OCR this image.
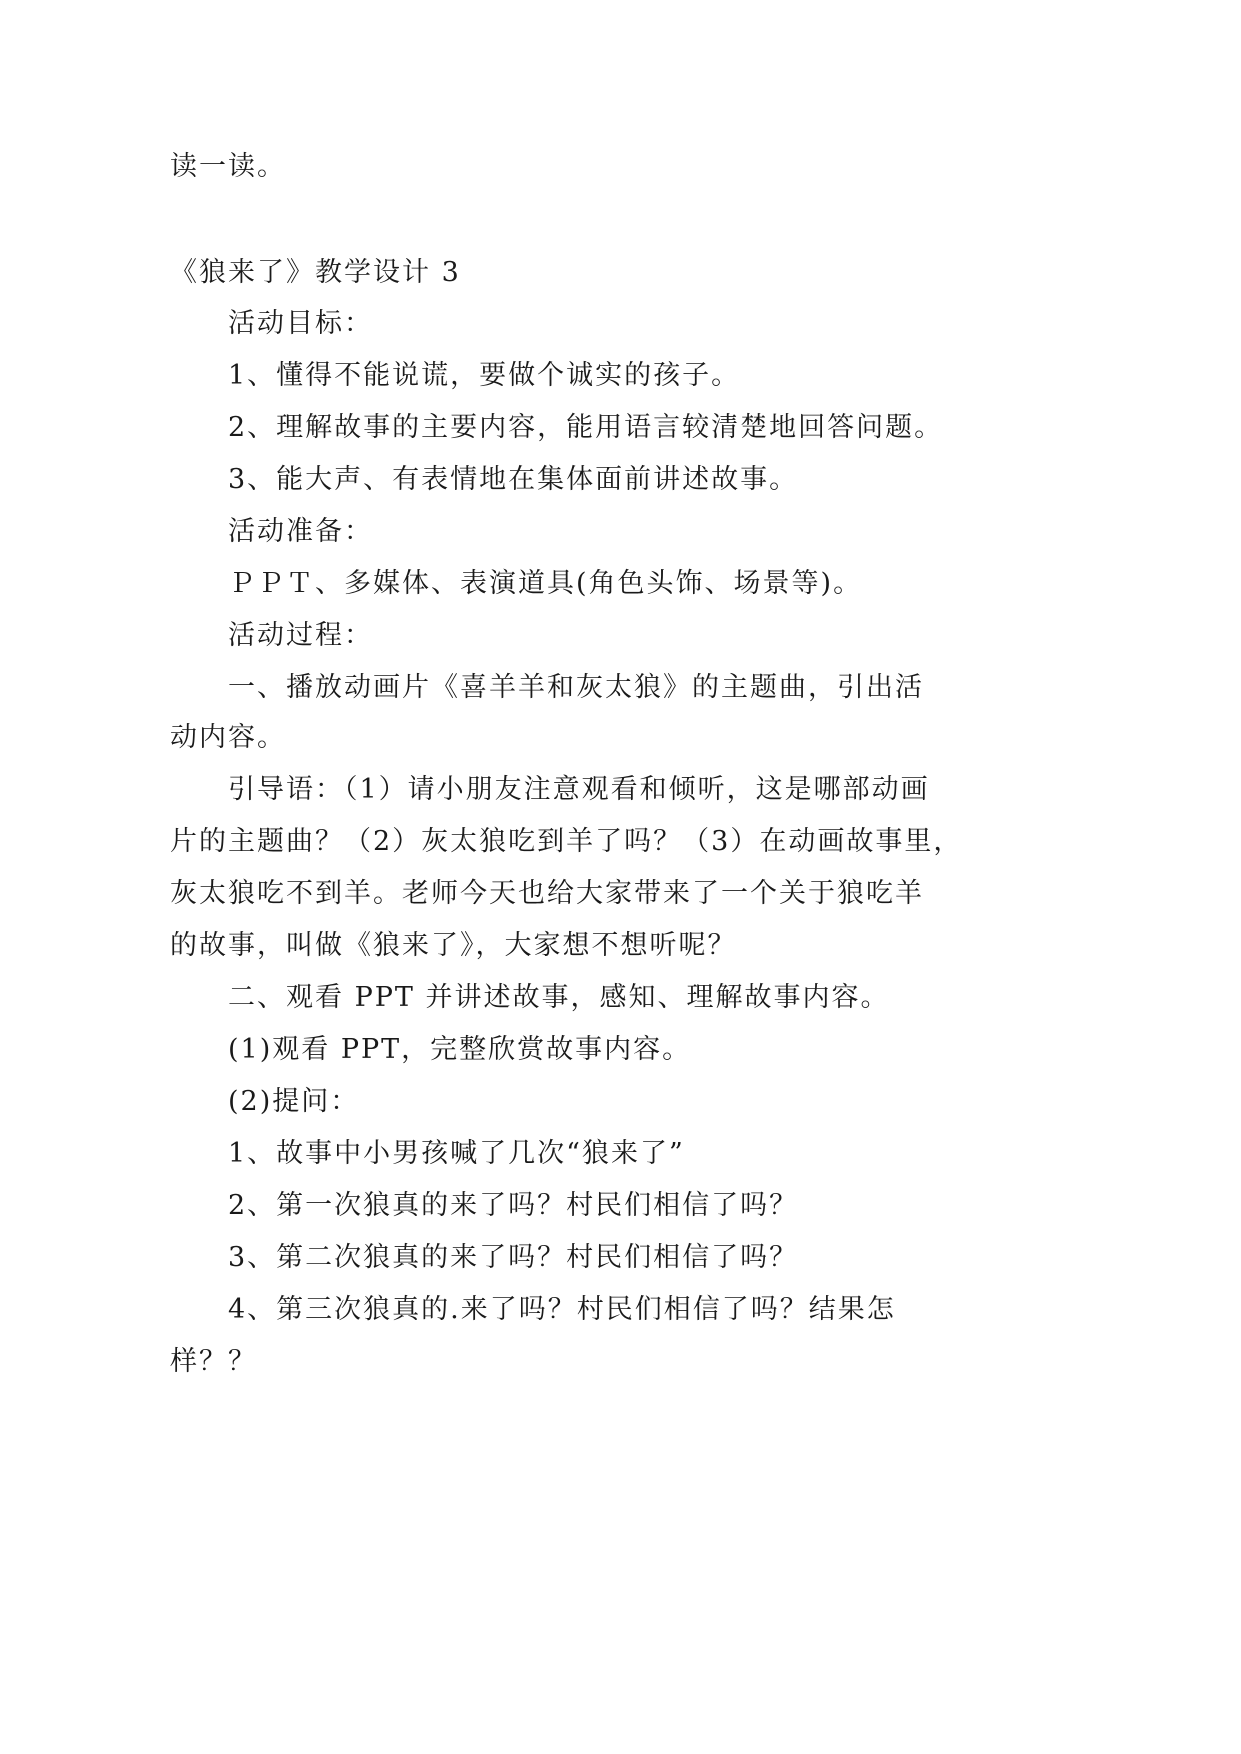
读一读。
《狼来了》教学设计 3
活动目标：
1、懂得不能说谎，要做个诚实的孩子。
2、理解故事的主要内容，能用语言较清楚地回答问题。
3、能大声、有表情地在集体面前讲述故事。
活动准备：
ＰＰＴ、多媒体、表演道具(角色头饰、场景等)。
活动过程：
一、播放动画片《喜羊羊和灰太狼》的主题曲，引出活
动内容。
引导语：（1）请小朋友注意观看和倾听，这是哪部动画
片的主题曲？（2）灰太狼吃到羊了吗？（3）在动画故事里，
灰太狼吃不到羊。老师今天也给大家带来了一个关于狼吃羊
的故事，叫做《狼来了》，大家想不想听呢？
二、观看 PPT 并讲述故事，感知、理解故事内容。
(1)观看 PPT，完整欣赏故事内容。
(2)提问：
1、故事中小男孩喊了几次“狼来了”
2、第一次狼真的来了吗？村民们相信了吗？
3、第二次狼真的来了吗？村民们相信了吗？
4、第三次狼真的.来了吗？村民们相信了吗？结果怎
样？？
